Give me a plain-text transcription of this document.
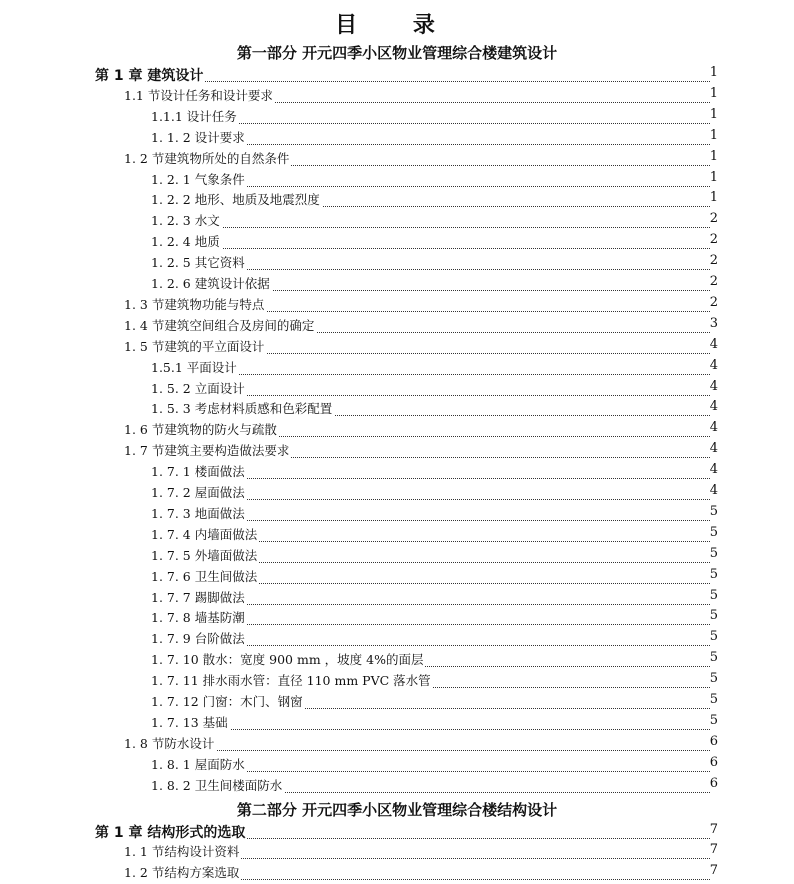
目 录
第一部分 开元四季小区物业管理综合楼建筑设计
第 1 章 建筑设计	1
1.1 节设计任务和设计要求	1
1.1.1 设计任务	1
1. 1. 2 设计要求	1
1. 2 节建筑物所处的自然条件	1
1. 2. 1 气象条件	1
1. 2. 2 地形、地质及地震烈度	1
1. 2. 3 水文	2
1. 2. 4 地质	2
1. 2. 5 其它资料	2
1. 2. 6 建筑设计依据	2
1. 3 节建筑物功能与特点	2
1. 4 节建筑空间组合及房间的确定	3
1. 5 节建筑的平立面设计	4
1.5.1 平面设计	4
1. 5. 2 立面设计	4
1. 5. 3 考虑材料质感和色彩配置	4
1. 6 节建筑物的防火与疏散	4
1. 7 节建筑主要构造做法要求	4
1. 7. 1 楼面做法	4
1. 7. 2 屋面做法	4
1. 7. 3 地面做法	5
1. 7. 4 内墙面做法	5
1. 7. 5 外墙面做法	5
1. 7. 6 卫生间做法	5
1. 7. 7 踢脚做法	5
1. 7. 8 墙基防潮	5
1. 7. 9 台阶做法	5
1. 7. 10 散水：宽度 900 mm ，坡度 4%的面层	5
1. 7. 11 排水雨水管：直径 110 mm PVC 落水管	5
1. 7. 12 门窗：木门、钢窗	5
1. 7. 13 基础	5
1. 8 节防水设计	6
1. 8. 1 屋面防水	6
1. 8. 2 卫生间楼面防水	6
第二部分 开元四季小区物业管理综合楼结构设计
第 1 章 结构形式的选取	7
1. 1 节结构设计资料	7
1. 2 节结构方案选取	7
